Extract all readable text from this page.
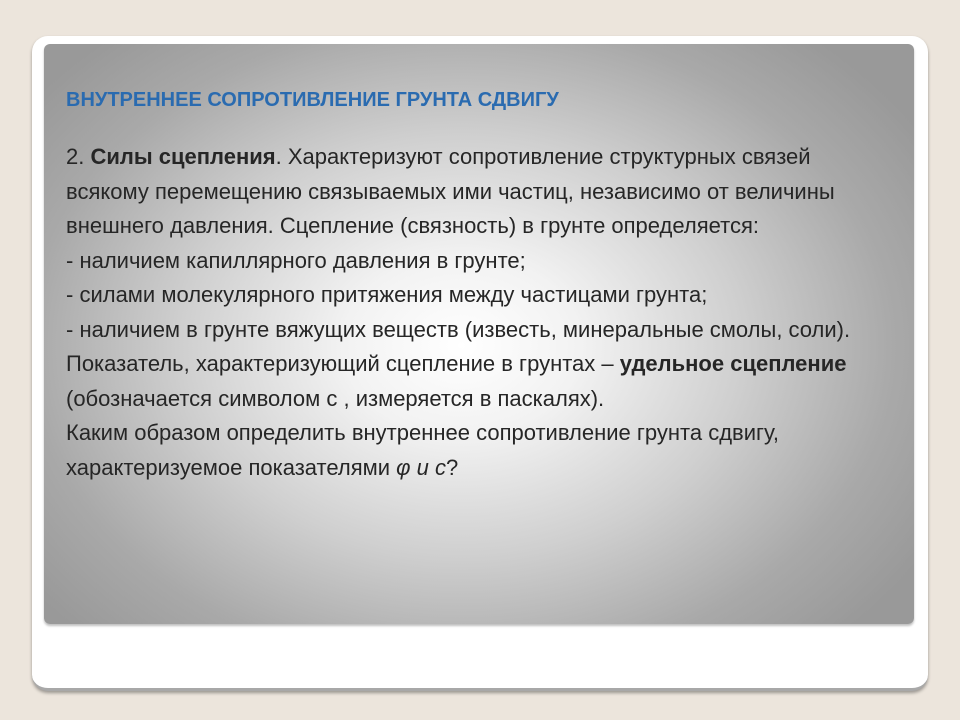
ВНУТРЕННЕЕ СОПРОТИВЛЕНИЕ ГРУНТА СДВИГУ

2. Силы сцепления. Характеризуют сопротивление структурных связей всякому перемещению связываемых ими частиц, независимо от величины внешнего давления. Сцепление (связность) в грунте определяется:

- наличием капиллярного давления в грунте;

- силами молекулярного притяжения между частицами грунта;

- наличием в грунте вяжущих веществ (известь, минеральные смолы, соли).

Показатель, характеризующий сцепление в грунтах – удельное сцепление (обозначается символом с , измеряется в паскалях).

Каким образом определить внутреннее сопротивление грунта сдвигу, характеризуемое показателями φ и с?
